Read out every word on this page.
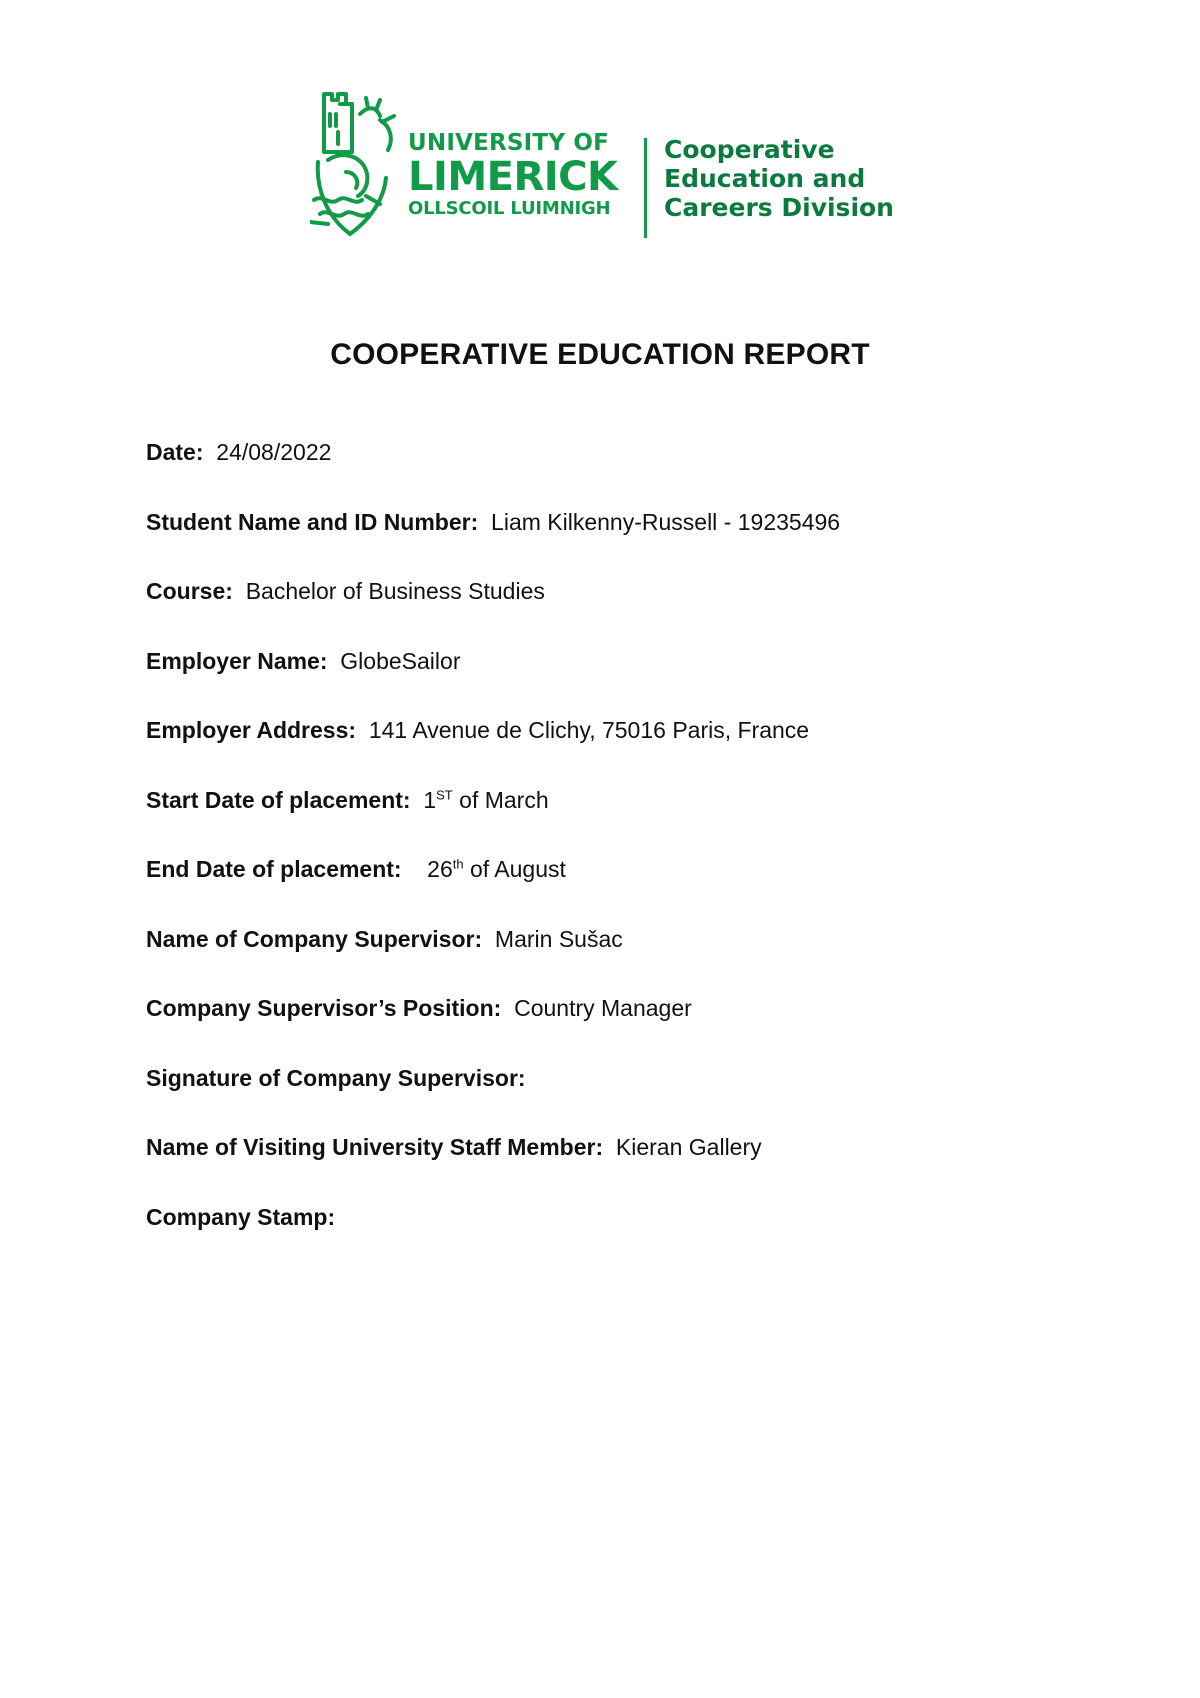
UNIVERSITY OF
LIMERICK
OLLSCOIL LUIMNIGH
Cooperative
Education and
Careers Division
COOPERATIVE EDUCATION REPORT
Date: 24/08/2022
Student Name and ID Number: Liam Kilkenny-Russell - 19235496
Course: Bachelor of Business Studies
Employer Name: GlobeSailor
Employer Address: 141 Avenue de Clichy, 75016 Paris, France
Start Date of placement: 1ST of March
End Date of placement: 26th of August
Name of Company Supervisor: Marin Sušac
Company Supervisor’s Position: Country Manager
Signature of Company Supervisor:
Name of Visiting University Staff Member: Kieran Gallery
Company Stamp:
